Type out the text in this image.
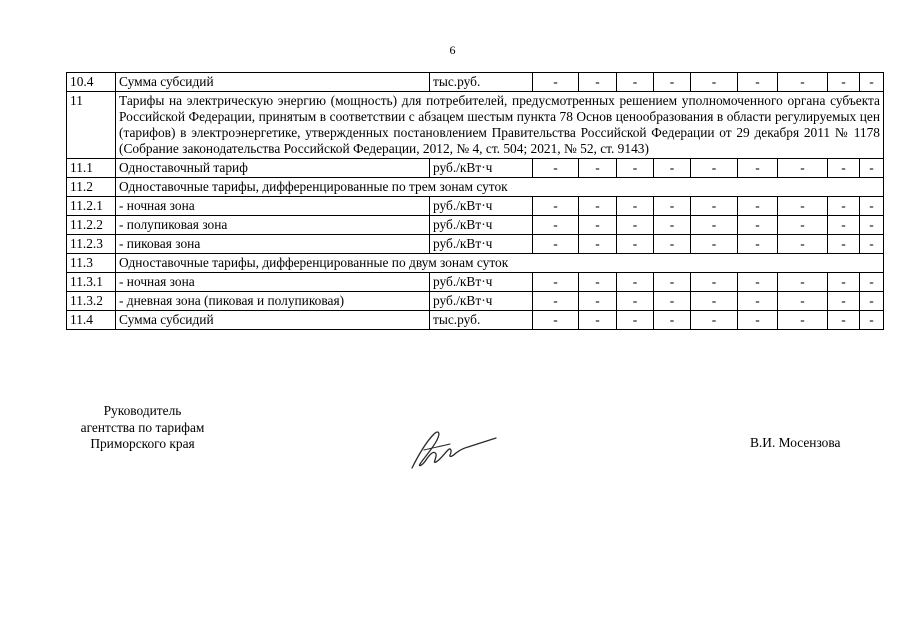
6
10.4	Сумма субсидий	тыс.руб.	-	-	-	-	-	-	-	-	-
11	Тарифы на электрическую энергию (мощность) для потребителей, предусмотренных решением уполномоченного органа субъекта Российской Федерации, принятым в соответствии с абзацем шестым пункта 78 Основ ценообразования в области регулируемых цен (тарифов) в электроэнергетике, утвержденных постановлением Правительства Российской Федерации от 29 декабря 2011 № 1178 (Собрание законодательства Российской Федерации, 2012, № 4, ст. 504; 2021, № 52, ст. 9143)										
11.1	Одноставочный тариф	руб./кВт·ч	-	-	-	-	-	-	-	-	-
11.2	Одноставочные тарифы, дифференцированные по трем зонам суток										
11.2.1	- ночная зона	руб./кВт·ч	-	-	-	-	-	-	-	-	-
11.2.2	- полупиковая зона	руб./кВт·ч	-	-	-	-	-	-	-	-	-
11.2.3	- пиковая зона	руб./кВт·ч	-	-	-	-	-	-	-	-	-
11.3	Одноставочные тарифы, дифференцированные по двум зонам суток										
11.3.1	- ночная зона	руб./кВт·ч	-	-	-	-	-	-	-	-	-
11.3.2	- дневная зона (пиковая и полупиковая)	руб./кВт·ч	-	-	-	-	-	-	-	-	-
11.4	Сумма субсидий	тыс.руб.	-	-	-	-	-	-	-	-	-
Руководитель
агентства по тарифам
Приморского края	В.И. Мосензова
